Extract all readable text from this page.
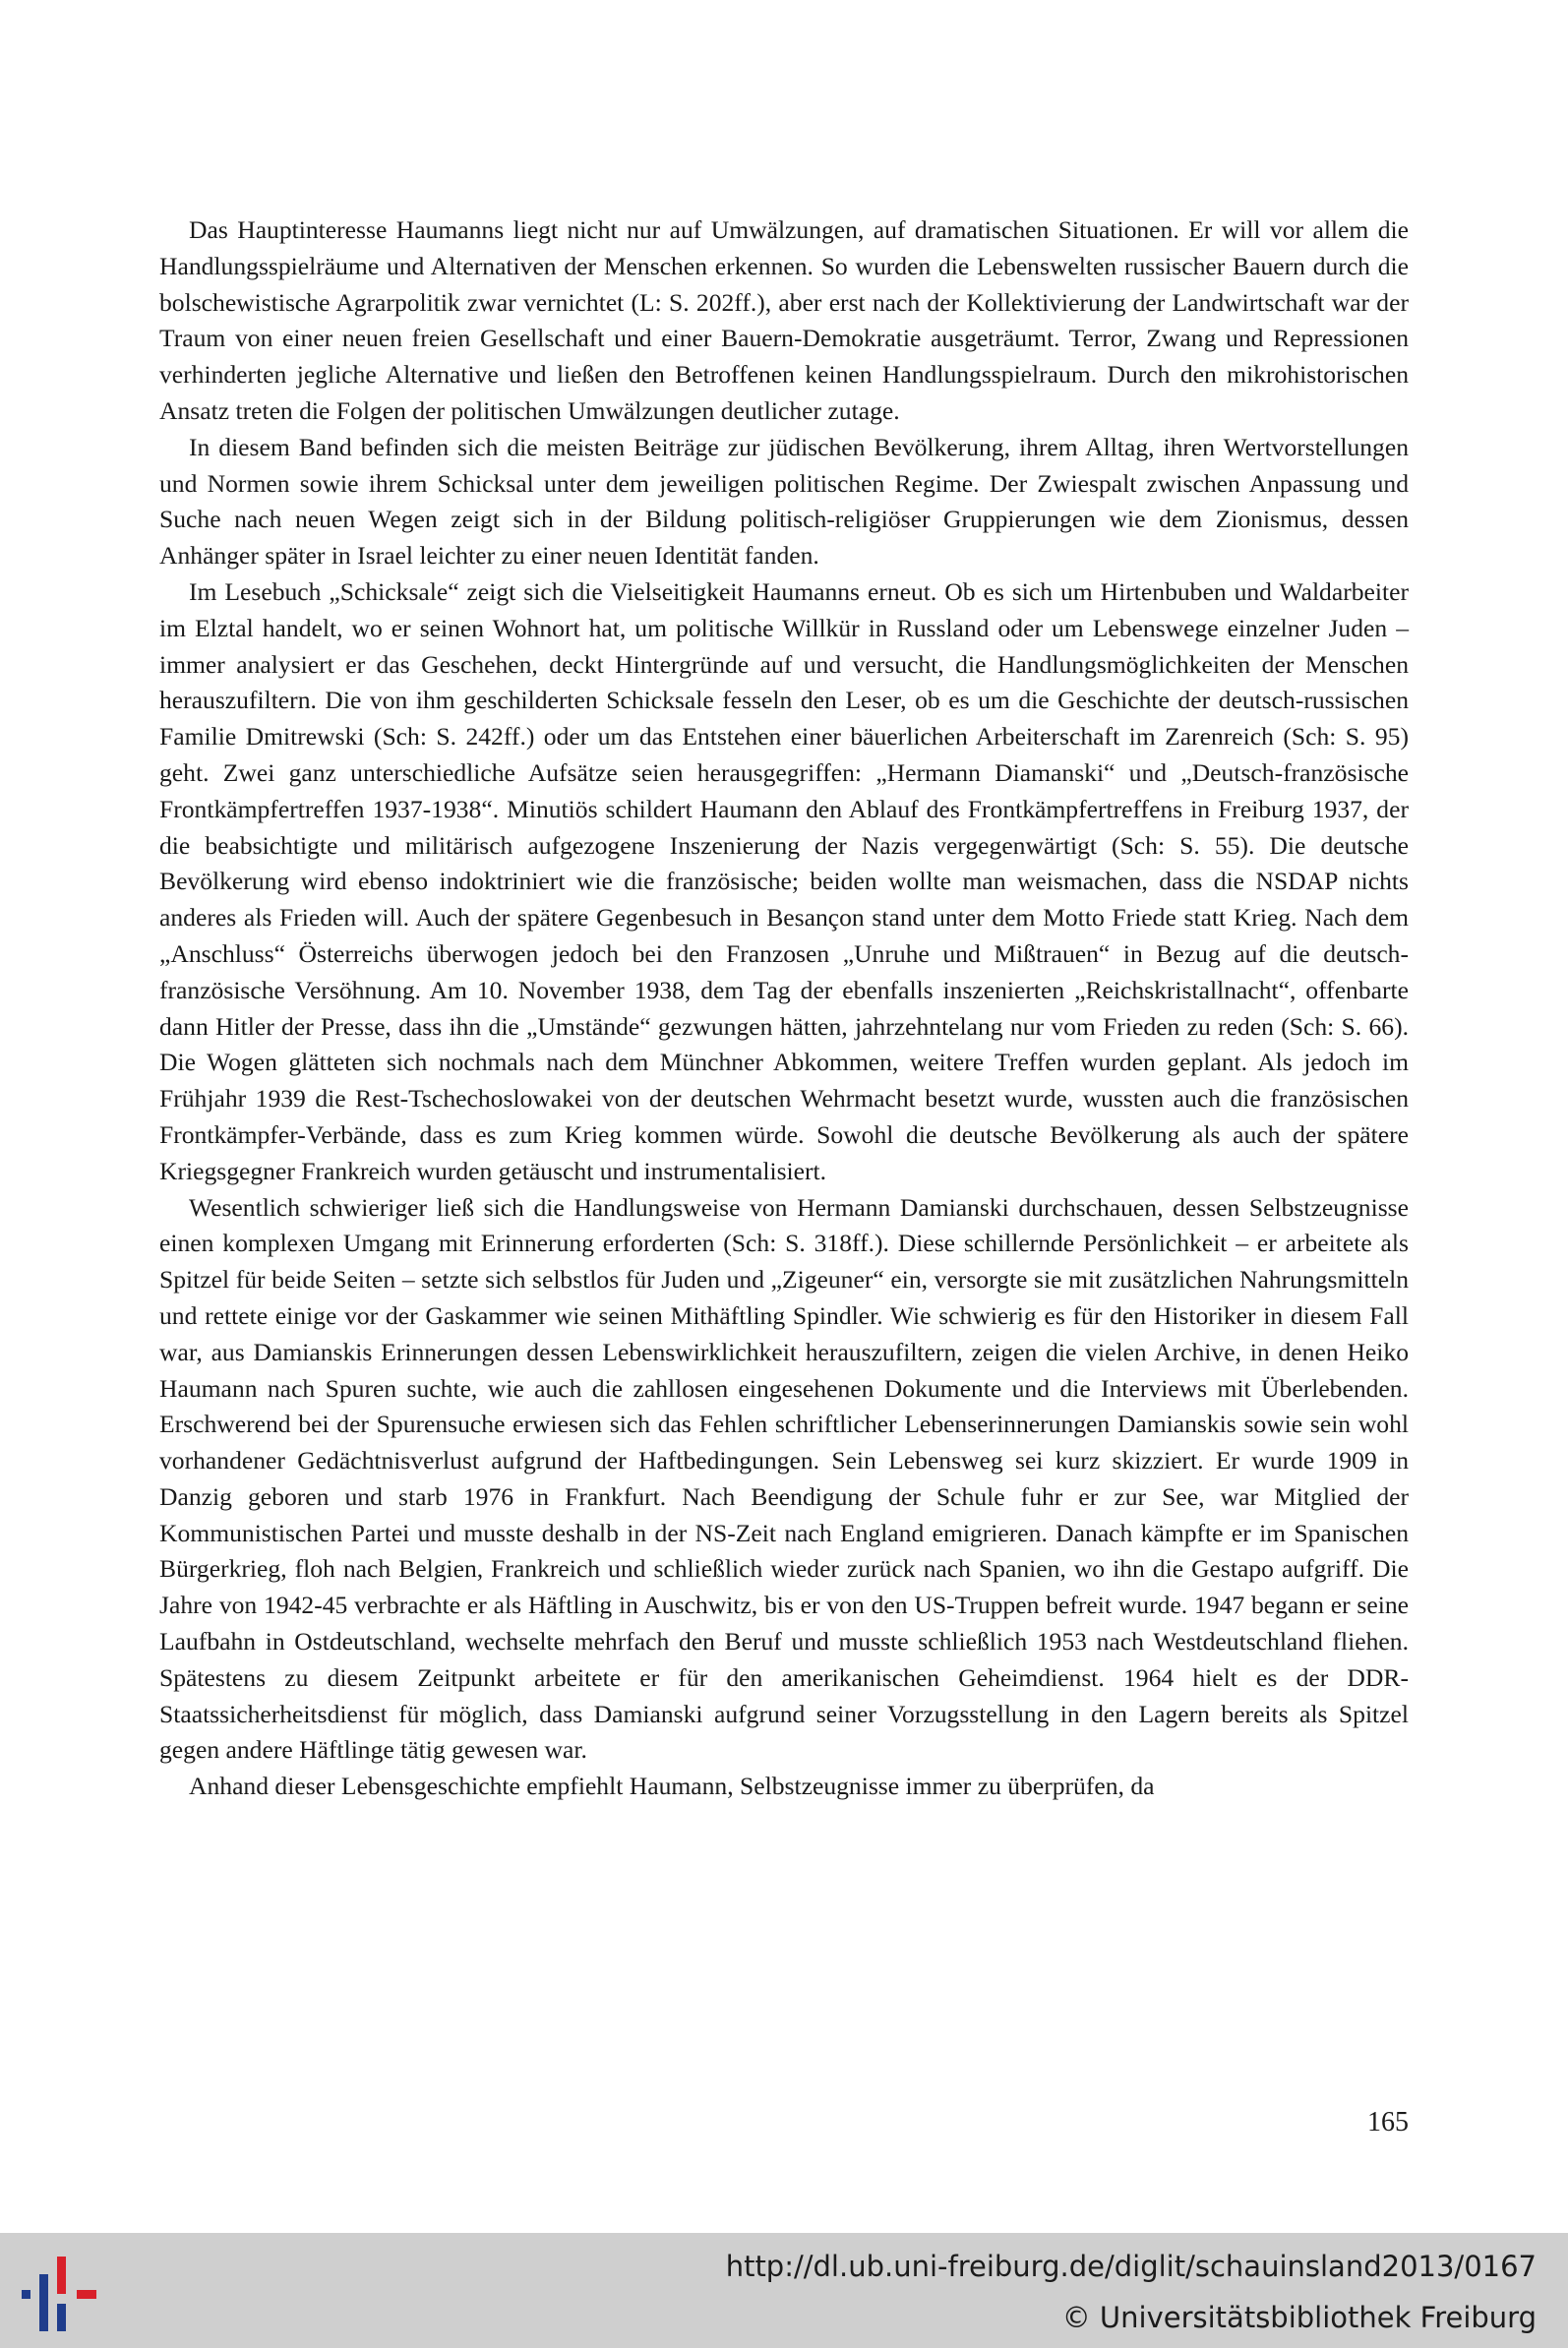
Das Hauptinteresse Haumanns liegt nicht nur auf Umwälzungen, auf dramatischen Situationen. Er will vor allem die Handlungsspielräume und Alternativen der Menschen erkennen. So wurden die Lebenswelten russischer Bauern durch die bolschewistische Agrarpolitik zwar vernichtet (L: S. 202ff.), aber erst nach der Kollektivierung der Landwirtschaft war der Traum von einer neuen freien Gesellschaft und einer Bauern-Demokratie ausgeträumt. Terror, Zwang und Repressionen verhinderten jegliche Alternative und ließen den Betroffenen keinen Handlungsspielraum. Durch den mikrohistorischen Ansatz treten die Folgen der politischen Umwälzungen deutlicher zutage.

In diesem Band befinden sich die meisten Beiträge zur jüdischen Bevölkerung, ihrem Alltag, ihren Wertvorstellungen und Normen sowie ihrem Schicksal unter dem jeweiligen politischen Regime. Der Zwiespalt zwischen Anpassung und Suche nach neuen Wegen zeigt sich in der Bildung politisch-religiöser Gruppierungen wie dem Zionismus, dessen Anhänger später in Israel leichter zu einer neuen Identität fanden.

Im Lesebuch „Schicksale“ zeigt sich die Vielseitigkeit Haumanns erneut. Ob es sich um Hirtenbuben und Waldarbeiter im Elztal handelt, wo er seinen Wohnort hat, um politische Willkür in Russland oder um Lebenswege einzelner Juden – immer analysiert er das Geschehen, deckt Hintergründe auf und versucht, die Handlungsmöglichkeiten der Menschen herauszufiltern. Die von ihm geschilderten Schicksale fesseln den Leser, ob es um die Geschichte der deutsch-russischen Familie Dmitrewski (Sch: S. 242ff.) oder um das Entstehen einer bäuerlichen Arbeiterschaft im Zarenreich (Sch: S. 95) geht. Zwei ganz unterschiedliche Aufsätze seien herausgegriffen: „Hermann Diamanski“ und „Deutsch-französische Frontkämpfertreffen 1937-1938“. Minutiös schildert Haumann den Ablauf des Frontkämpfertreffens in Freiburg 1937, der die beabsichtigte und militärisch aufgezogene Inszenierung der Nazis vergegenwärtigt (Sch: S. 55). Die deutsche Bevölkerung wird ebenso indoktriniert wie die französische; beiden wollte man weismachen, dass die NSDAP nichts anderes als Frieden will. Auch der spätere Gegenbesuch in Besançon stand unter dem Motto Friede statt Krieg. Nach dem „Anschluss“ Österreichs überwogen jedoch bei den Franzosen „Unruhe und Mißtrauen“ in Bezug auf die deutsch-französische Versöhnung. Am 10. November 1938, dem Tag der ebenfalls inszenierten „Reichskristallnacht“, offenbarte dann Hitler der Presse, dass ihn die „Umstände“ gezwungen hätten, jahrzehntelang nur vom Frieden zu reden (Sch: S. 66). Die Wogen glätteten sich nochmals nach dem Münchner Abkommen, weitere Treffen wurden geplant. Als jedoch im Frühjahr 1939 die Rest-Tschechoslowakei von der deutschen Wehrmacht besetzt wurde, wussten auch die französischen Frontkämpfer-Verbände, dass es zum Krieg kommen würde. Sowohl die deutsche Bevölkerung als auch der spätere Kriegsgegner Frankreich wurden getäuscht und instrumentalisiert.

Wesentlich schwieriger ließ sich die Handlungsweise von Hermann Damianski durchschauen, dessen Selbstzeugnisse einen komplexen Umgang mit Erinnerung erforderten (Sch: S. 318ff.). Diese schillernde Persönlichkeit – er arbeitete als Spitzel für beide Seiten – setzte sich selbstlos für Juden und „Zigeuner“ ein, versorgte sie mit zusätzlichen Nahrungsmitteln und rettete einige vor der Gaskammer wie seinen Mithäftling Spindler. Wie schwierig es für den Historiker in diesem Fall war, aus Damianskis Erinnerungen dessen Lebenswirklichkeit herauszufiltern, zeigen die vielen Archive, in denen Heiko Haumann nach Spuren suchte, wie auch die zahllosen eingesehenen Dokumente und die Interviews mit Überlebenden. Erschwerend bei der Spurensuche erwiesen sich das Fehlen schriftlicher Lebenserinnerungen Damianskis sowie sein wohl vorhandener Gedächtnisverlust aufgrund der Haftbedingungen. Sein Lebensweg sei kurz skizziert. Er wurde 1909 in Danzig geboren und starb 1976 in Frankfurt. Nach Beendigung der Schule fuhr er zur See, war Mitglied der Kommunistischen Partei und musste deshalb in der NS-Zeit nach England emigrieren. Danach kämpfte er im Spanischen Bürgerkrieg, floh nach Belgien, Frankreich und schließlich wieder zurück nach Spanien, wo ihn die Gestapo aufgriff. Die Jahre von 1942-45 verbrachte er als Häftling in Auschwitz, bis er von den US-Truppen befreit wurde. 1947 begann er seine Laufbahn in Ostdeutschland, wechselte mehrfach den Beruf und musste schließlich 1953 nach Westdeutschland fliehen. Spätestens zu diesem Zeitpunkt arbeitete er für den amerikanischen Geheimdienst. 1964 hielt es der DDR-Staatssicherheitsdienst für möglich, dass Damianski aufgrund seiner Vorzugsstellung in den Lagern bereits als Spitzel gegen andere Häftlinge tätig gewesen war.

Anhand dieser Lebensgeschichte empfiehlt Haumann, Selbstzeugnisse immer zu überprüfen, da

165
http://dl.ub.uni-freiburg.de/diglit/schauinsland2013/0167
© Universitätsbibliothek Freiburg
